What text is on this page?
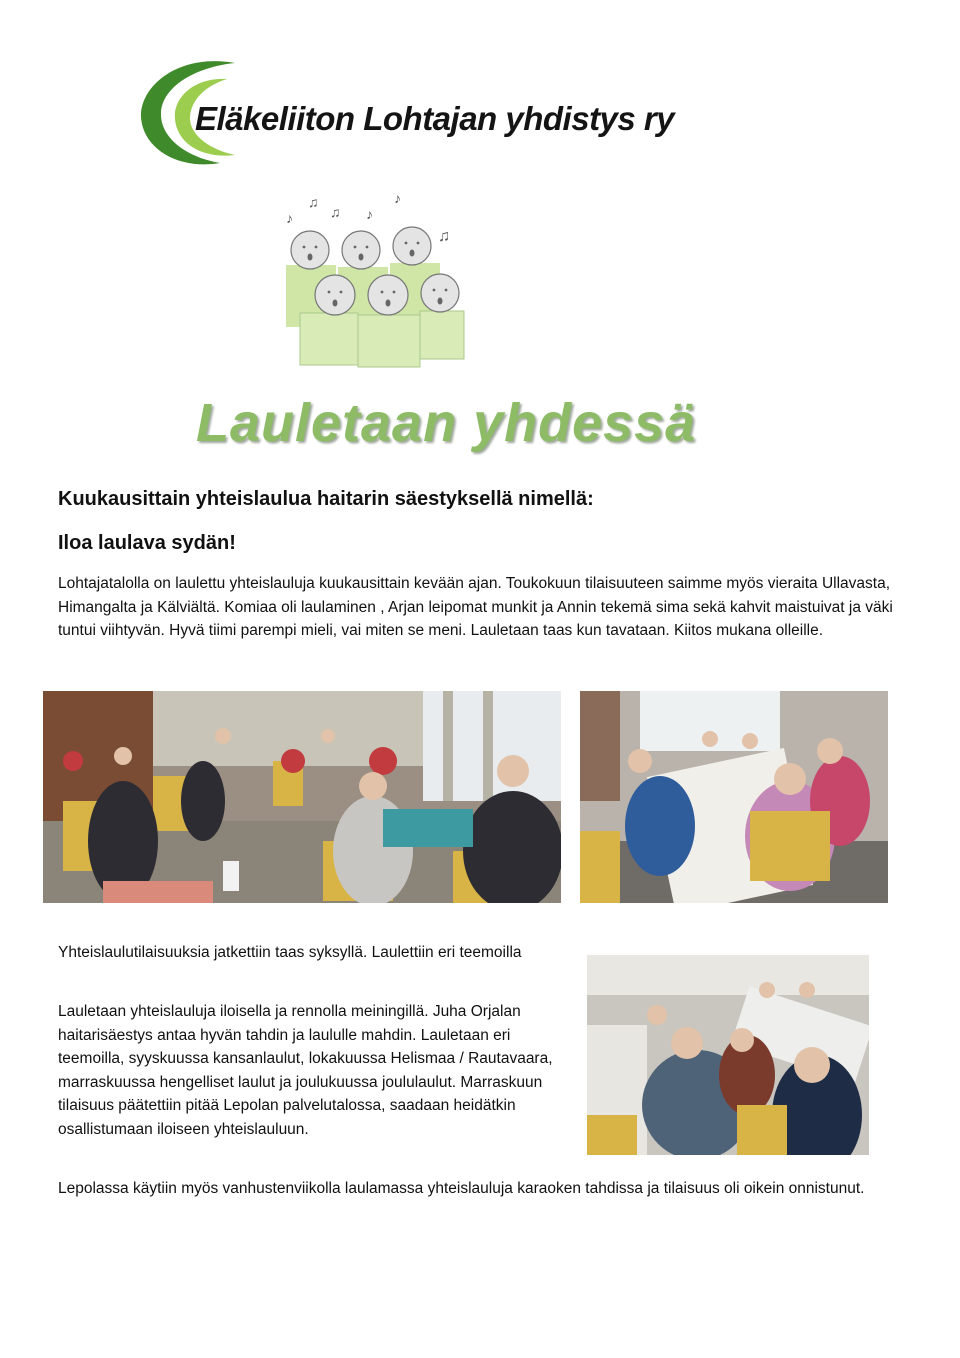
Eläkeliiton Lohtajan yhdistys ry
♪
♫
♫ ♪
♪
♫
Lauletaan yhdessä
Kuukausittain yhteislaulua haitarin säestyksellä nimellä:
Iloa laulava sydän!
Lohtajatalolla on laulettu yhteislauluja kuukausittain kevään ajan. Toukokuun tilaisuuteen saimme myös vieraita Ullavasta, Himangalta ja Kälviältä. Komiaa oli laulaminen , Arjan leipomat munkit ja Annin tekemä sima sekä kahvit maistuivat ja väki tuntui viihtyvän. Hyvä tiimi parempi mieli, vai miten se meni. Lauletaan taas kun tavataan. Kiitos mukana olleille.
Yhteislaulutilaisuuksia jatkettiin taas syksyllä. Laulettiin eri teemoilla
Lauletaan yhteislauluja iloisella ja rennolla meiningillä. Juha Orjalan haitarisäestys antaa hyvän tahdin ja laululle mahdin. Lauletaan eri teemoilla, syyskuussa kansanlaulut, lokakuussa Helismaa / Rautavaara, marraskuussa hengelliset laulut ja joulukuussa joululaulut. Marraskuun tilaisuus päätettiin pitää Lepolan palvelutalossa, saadaan heidätkin osallistumaan iloiseen yhteislauluun.
Lepolassa käytiin myös vanhustenviikolla laulamassa yhteislauluja karaoken tahdissa ja tilaisuus oli oikein onnistunut.
